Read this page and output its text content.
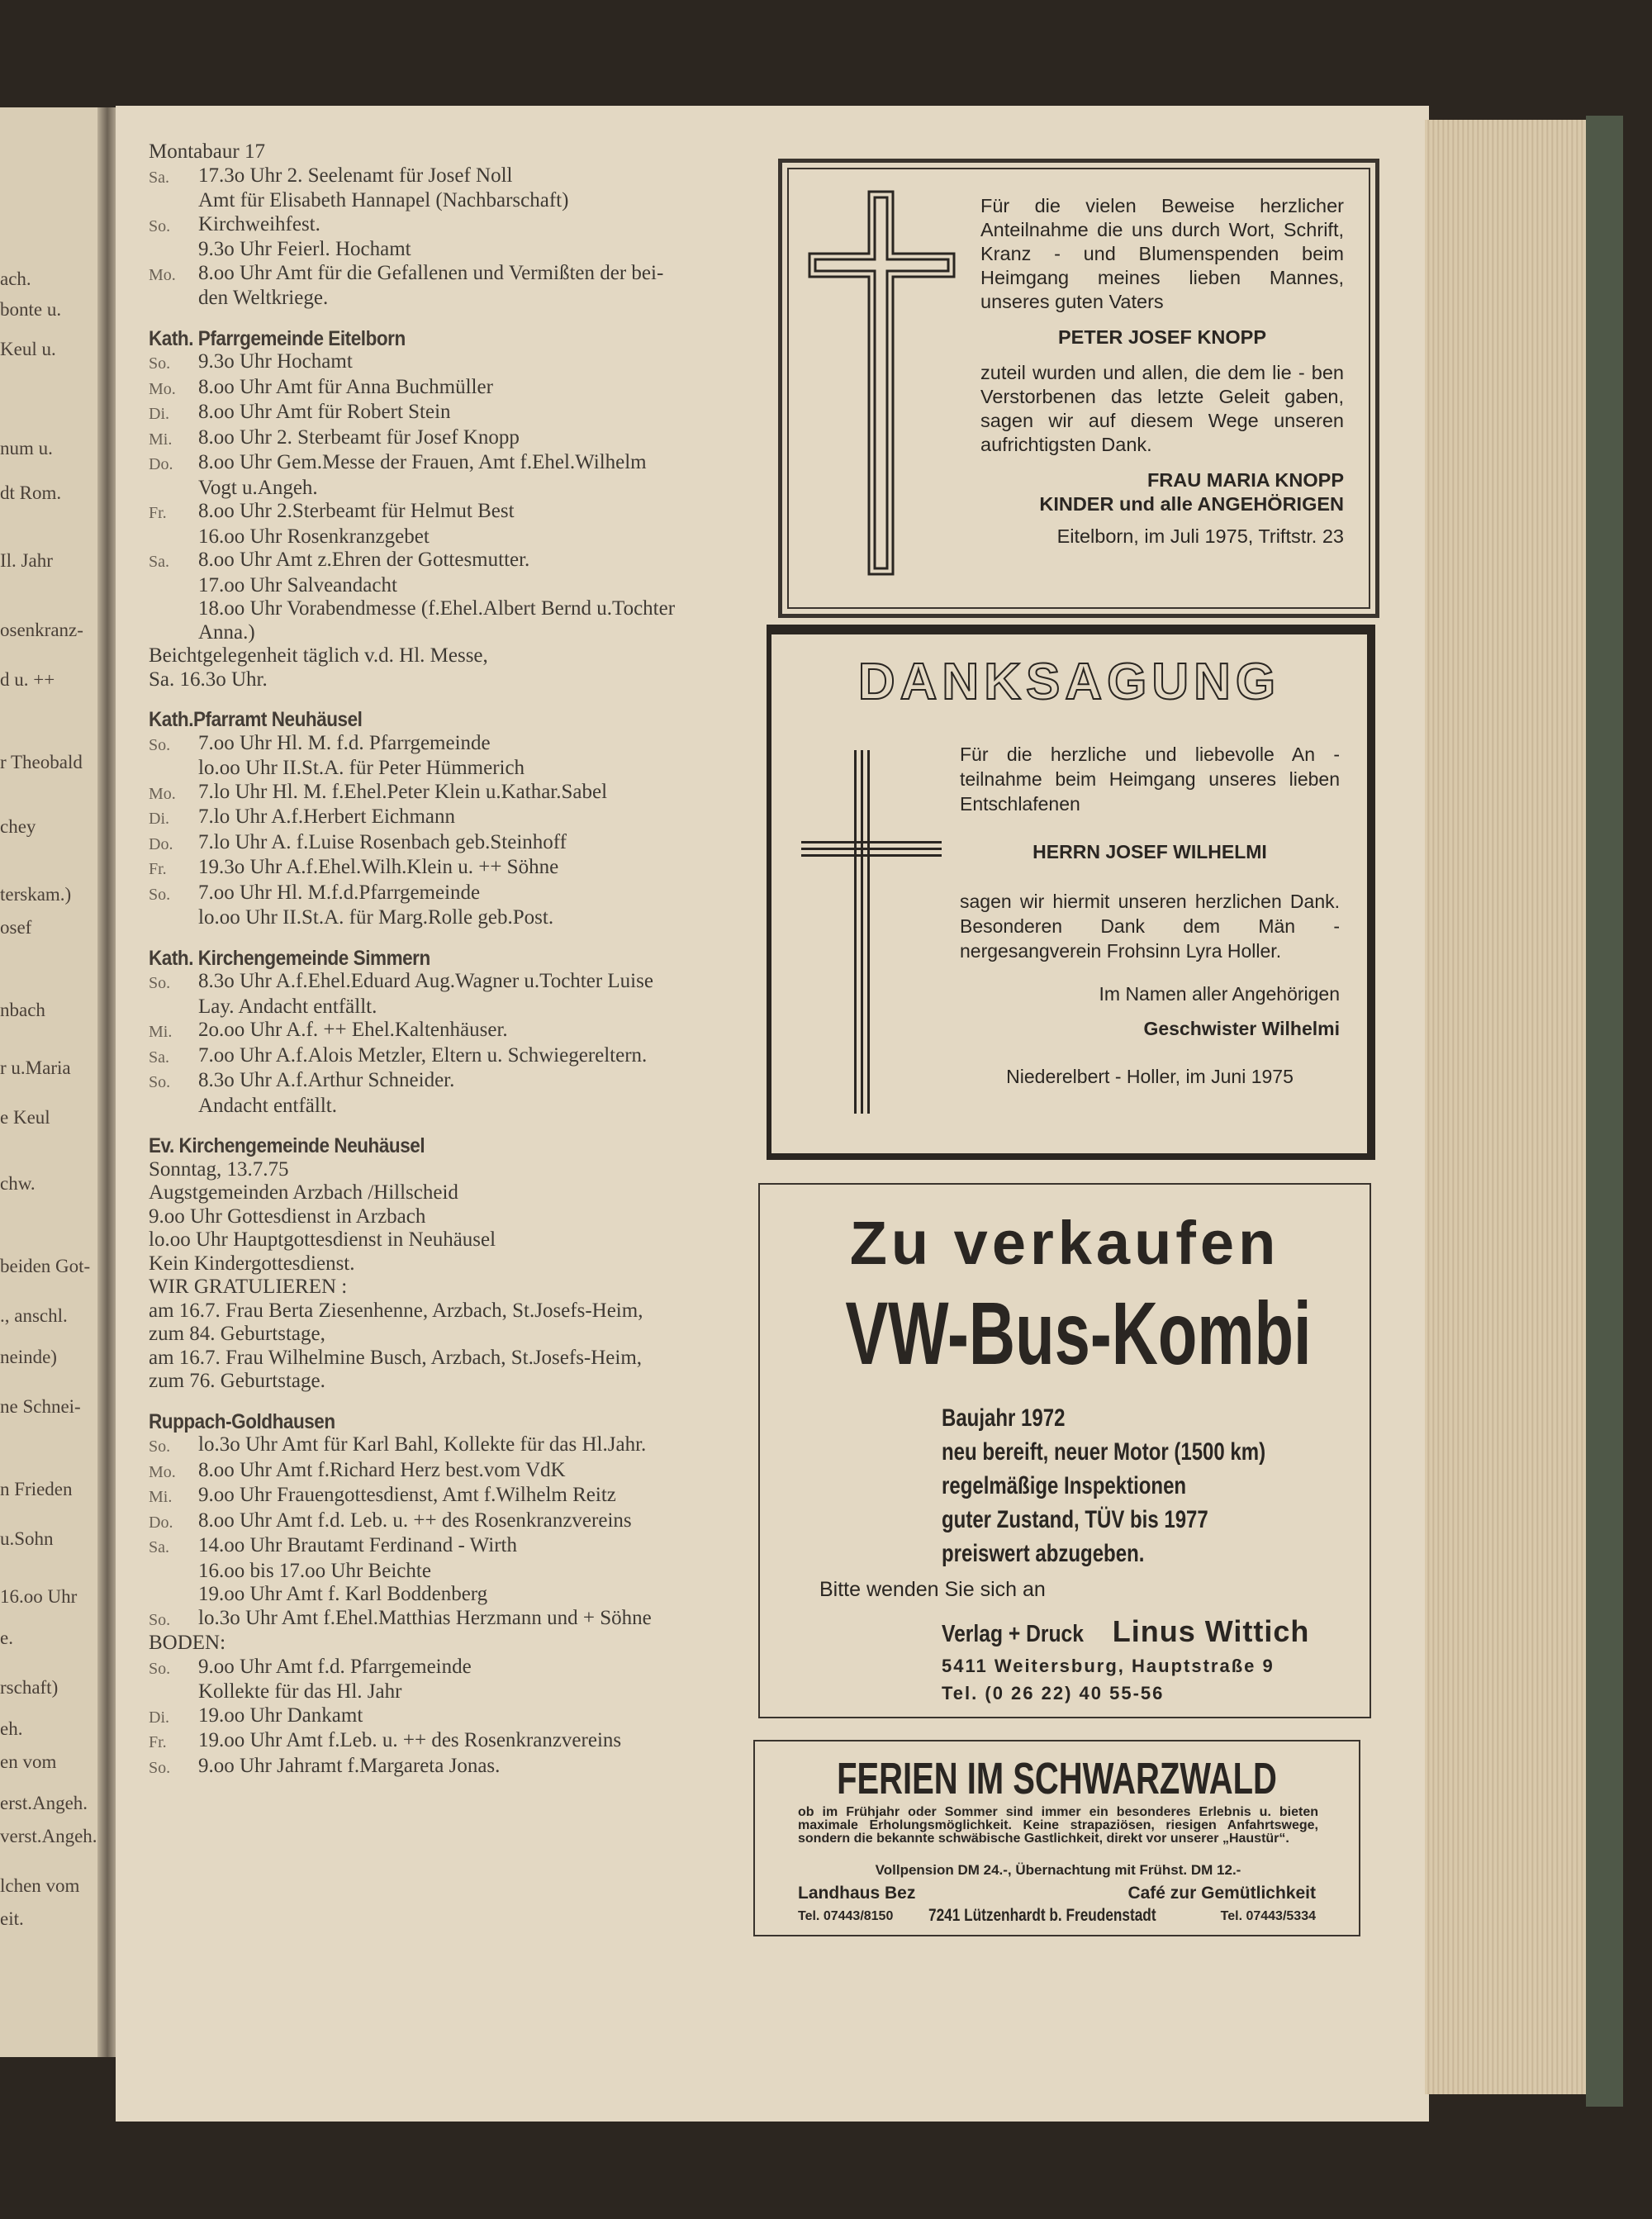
ach.
bonte u.
Keul u.
num u.
dt Rom.
Il. Jahr
osenkranz-
d u. ++
r Theobald
chey
terskam.)
osef
nbach
r u.Maria
e Keul
chw.
beiden Got-
., anschl.
neinde)
ne Schnei-
n Frieden
u.Sohn
16.oo Uhr
e.
rschaft)
eh.
en vom
erst.Angeh.
verst.Angeh.
lchen vom
eit.
Montabaur 17
Sa.	17.3o Uhr 2. Seelenamt für Josef Noll
Amt für Elisabeth Hannapel (Nachbarschaft)
So.	Kirchweihfest.
9.3o Uhr Feierl. Hochamt
Mo.	8.oo Uhr Amt für die Gefallenen und Vermißten der bei-
den Weltkriege.
Kath. Pfarrgemeinde Eitelborn
So.	9.3o Uhr Hochamt
Mo.	8.oo Uhr Amt für Anna Buchmüller
Di.	8.oo Uhr Amt für Robert Stein
Mi.	8.oo Uhr 2. Sterbeamt für Josef Knopp
Do.	8.oo Uhr Gem.Messe der Frauen, Amt f.Ehel.Wilhelm
Vogt u.Angeh.
Fr.	8.oo Uhr 2.Sterbeamt für Helmut Best
16.oo Uhr Rosenkranzgebet
Sa.	8.oo Uhr Amt z.Ehren der Gottesmutter.
17.oo Uhr Salveandacht
18.oo Uhr Vorabendmesse (f.Ehel.Albert Bernd u.Tochter
Anna.)
Beichtgelegenheit täglich v.d. Hl. Messe,
Sa. 16.3o Uhr.
Kath.Pfarramt Neuhäusel
So.	7.oo Uhr Hl. M. f.d. Pfarrgemeinde
lo.oo Uhr II.St.A. für Peter Hümmerich
Mo.	7.lo Uhr Hl. M. f.Ehel.Peter Klein u.Kathar.Sabel
Di.	7.lo Uhr A.f.Herbert Eichmann
Do.	7.lo Uhr A. f.Luise Rosenbach geb.Steinhoff
Fr.	19.3o Uhr A.f.Ehel.Wilh.Klein u. ++ Söhne
So.	7.oo Uhr Hl. M.f.d.Pfarrgemeinde
lo.oo Uhr II.St.A. für Marg.Rolle geb.Post.
Kath. Kirchengemeinde Simmern
So.	8.3o Uhr A.f.Ehel.Eduard Aug.Wagner u.Tochter Luise
Lay. Andacht entfällt.
Mi.	2o.oo Uhr A.f. ++ Ehel.Kaltenhäuser.
Sa.	7.oo Uhr A.f.Alois Metzler, Eltern u. Schwiegereltern.
So.	8.3o Uhr A.f.Arthur Schneider.
Andacht entfällt.
Ev. Kirchengemeinde Neuhäusel
Sonntag, 13.7.75
Augstgemeinden Arzbach /Hillscheid
9.oo Uhr Gottesdienst in Arzbach
lo.oo Uhr Hauptgottesdienst in Neuhäusel
Kein Kindergottesdienst.
WIR GRATULIEREN :
am 16.7. Frau Berta Ziesenhenne, Arzbach, St.Josefs-Heim,
zum 84. Geburtstage,
am 16.7. Frau Wilhelmine Busch, Arzbach, St.Josefs-Heim,
zum 76. Geburtstage.
Ruppach-Goldhausen
So.	lo.3o Uhr Amt für Karl Bahl, Kollekte für das Hl.Jahr.
Mo.	8.oo Uhr Amt f.Richard Herz best.vom VdK
Mi.	9.oo Uhr Frauengottesdienst, Amt f.Wilhelm Reitz
Do.	8.oo Uhr Amt f.d. Leb. u. ++ des Rosenkranzvereins
Sa.	14.oo Uhr Brautamt Ferdinand - Wirth
16.oo bis 17.oo Uhr Beichte
19.oo Uhr Amt f. Karl Boddenberg
So.	lo.3o Uhr Amt f.Ehel.Matthias Herzmann und + Söhne
BODEN:
So.	9.oo Uhr Amt f.d. Pfarrgemeinde
Kollekte für das Hl. Jahr
Di.	19.oo Uhr Dankamt
Fr.	19.oo Uhr Amt f.Leb. u. ++ des Rosenkranzvereins
So.	9.oo Uhr Jahramt f.Margareta Jonas.
Für die vielen Beweise herzlicher Anteilnahme die uns durch Wort, Schrift, Kranz - und Blumenspenden beim Heimgang meines lieben Mannes, unseres guten Vaters
PETER JOSEF KNOPP
zuteil wurden und allen, die dem lie - ben Verstorbenen das letzte Geleit gaben, sagen wir auf diesem Wege unseren aufrichtigsten Dank.
FRAU MARIA KNOPP
KINDER und alle ANGEHÖRIGEN
Eitelborn, im Juli 1975, Triftstr. 23
DANKSAGUNG
Für die herzliche und liebevolle An - teilnahme beim Heimgang unseres lieben Entschlafenen
HERRN JOSEF WILHELMI
sagen wir hiermit unseren herzlichen Dank. Besonderen Dank dem Män - nergesangverein Frohsinn Lyra Holler.
Im Namen aller Angehörigen
Geschwister Wilhelmi
Niederelbert - Holler, im Juni 1975
Zu verkaufen
VW-Bus-Kombi
Baujahr 1972
neu bereift, neuer Motor (1500 km)
regelmäßige Inspektionen
guter Zustand, TÜV bis 1977
preiswert abzugeben.
Bitte wenden Sie sich an
Verlag + Druck Linus Wittich
5411 Weitersburg, Hauptstraße 9
Tel. (0 26 22) 40 55-56
FERIEN IM SCHWARZWALD
ob im Frühjahr oder Sommer sind immer ein besonderes Erlebnis u. bieten maximale Erholungsmöglichkeit. Keine strapaziösen, riesigen Anfahrtswege, sondern die bekannte schwäbische Gastlichkeit, direkt vor unserer „Haustür“.
Vollpension DM 24.-, Übernachtung mit Frühst. DM 12.-
Landhaus Bez	Café zur Gemütlichkeit
Tel. 07443/8150 7241 Lützenhardt b. Freudenstadt	Tel. 07443/5334
